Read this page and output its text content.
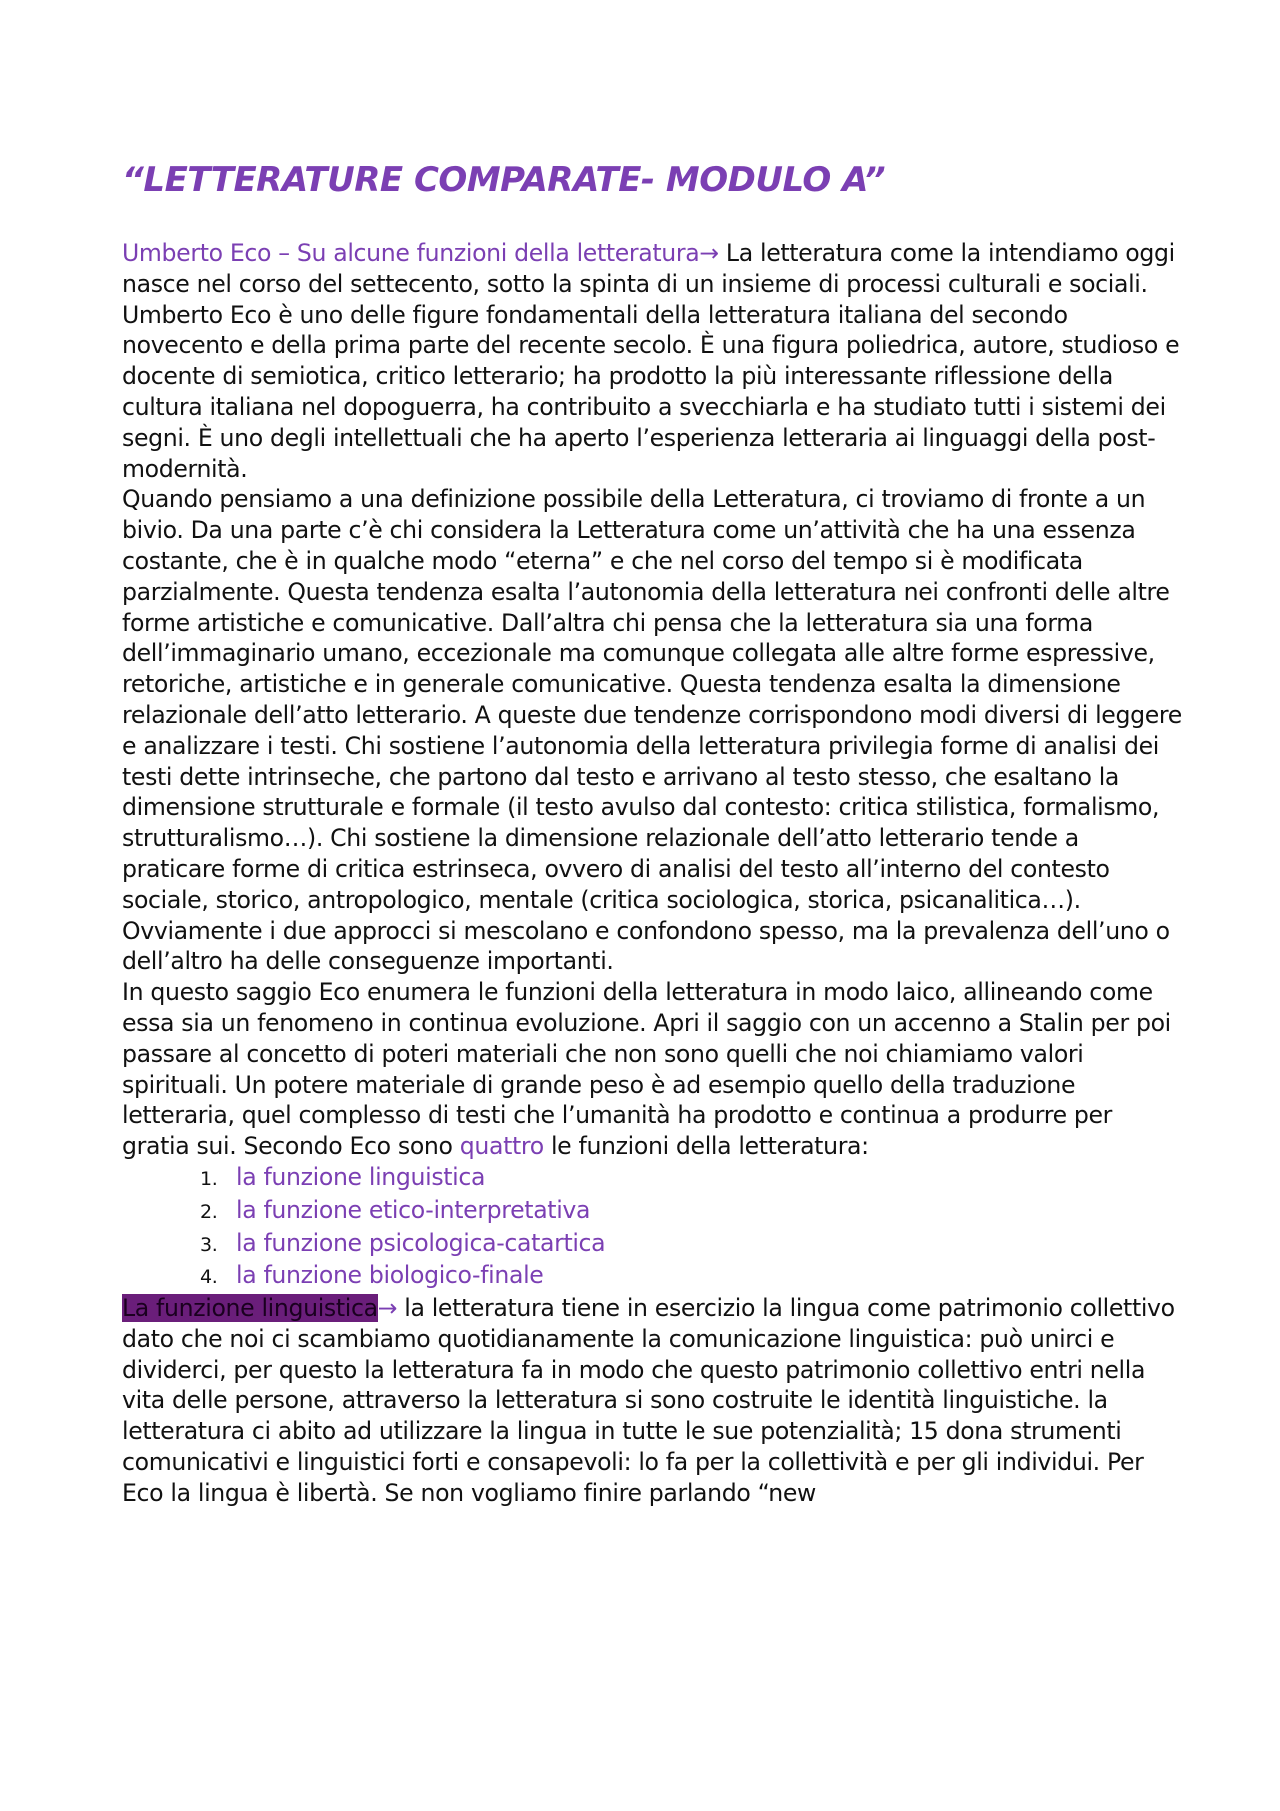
“LETTERATURE COMPARATE- MODULO A”

Umberto Eco – Su alcune funzioni della letteratura→ La letteratura come la intendiamo oggi nasce nel corso del settecento, sotto la spinta di un insieme di processi culturali e sociali. Umberto Eco è uno delle figure fondamentali della letteratura italiana del secondo novecento e della prima parte del recente secolo. È una figura poliedrica, autore, studioso e docente di semiotica, critico letterario; ha prodotto la più interessante riflessione della cultura italiana nel dopoguerra, ha contribuito a svecchiarla e ha studiato tutti i sistemi dei segni. È uno degli intellettuali che ha aperto l’esperienza letteraria ai linguaggi della post-modernità.

Quando pensiamo a una definizione possibile della Letteratura, ci troviamo di fronte a un bivio. Da una parte c’è chi considera la Letteratura come un’attività che ha una essenza costante, che è in qualche modo “eterna” e che nel corso del tempo si è modificata parzialmente. Questa tendenza esalta l’autonomia della letteratura nei confronti delle altre forme artistiche e comunicative. Dall’altra chi pensa che la letteratura sia una forma dell’immaginario umano, eccezionale ma comunque collegata alle altre forme espressive, retoriche, artistiche e in generale comunicative. Questa tendenza esalta la dimensione relazionale dell’atto letterario. A queste due tendenze corrispondono modi diversi di leggere e analizzare i testi. Chi sostiene l’autonomia della letteratura privilegia forme di analisi dei testi dette intrinseche, che partono dal testo e arrivano al testo stesso, che esaltano la dimensione strutturale e formale (il testo avulso dal contesto: critica stilistica, formalismo, strutturalismo…). Chi sostiene la dimensione relazionale dell’atto letterario tende a praticare forme di critica estrinseca, ovvero di analisi del testo all’interno del contesto sociale, storico, antropologico, mentale (critica sociologica, storica, psicanalitica…). Ovviamente i due approcci si mescolano e confondono spesso, ma la prevalenza dell’uno o dell’altro ha delle conseguenze importanti.

In questo saggio Eco enumera le funzioni della letteratura in modo laico, allineando come essa sia un fenomeno in continua evoluzione. Apri il saggio con un accenno a Stalin per poi passare al concetto di poteri materiali che non sono quelli che noi chiamiamo valori spirituali. Un potere materiale di grande peso è ad esempio quello della traduzione letteraria, quel complesso di testi che l’umanità ha prodotto e continua a produrre per gratia sui. Secondo Eco sono quattro le funzioni della letteratura:

1. la funzione linguistica
2. la funzione etico-interpretativa
3. la funzione psicologica-catartica
4. la funzione biologico-finale

La funzione linguistica→ la letteratura tiene in esercizio la lingua come patrimonio collettivo dato che noi ci scambiamo quotidianamente la comunicazione linguistica: può unirci e dividerci, per questo la letteratura fa in modo che questo patrimonio collettivo entri nella vita delle persone, attraverso la letteratura si sono costruite le identità linguistiche. la letteratura ci abito ad utilizzare la lingua in tutte le sue potenzialità; 15 dona strumenti comunicativi e linguistici forti e consapevoli: lo fa per la collettività e per gli individui. Per Eco la lingua è libertà. Se non vogliamo finire parlando “new
